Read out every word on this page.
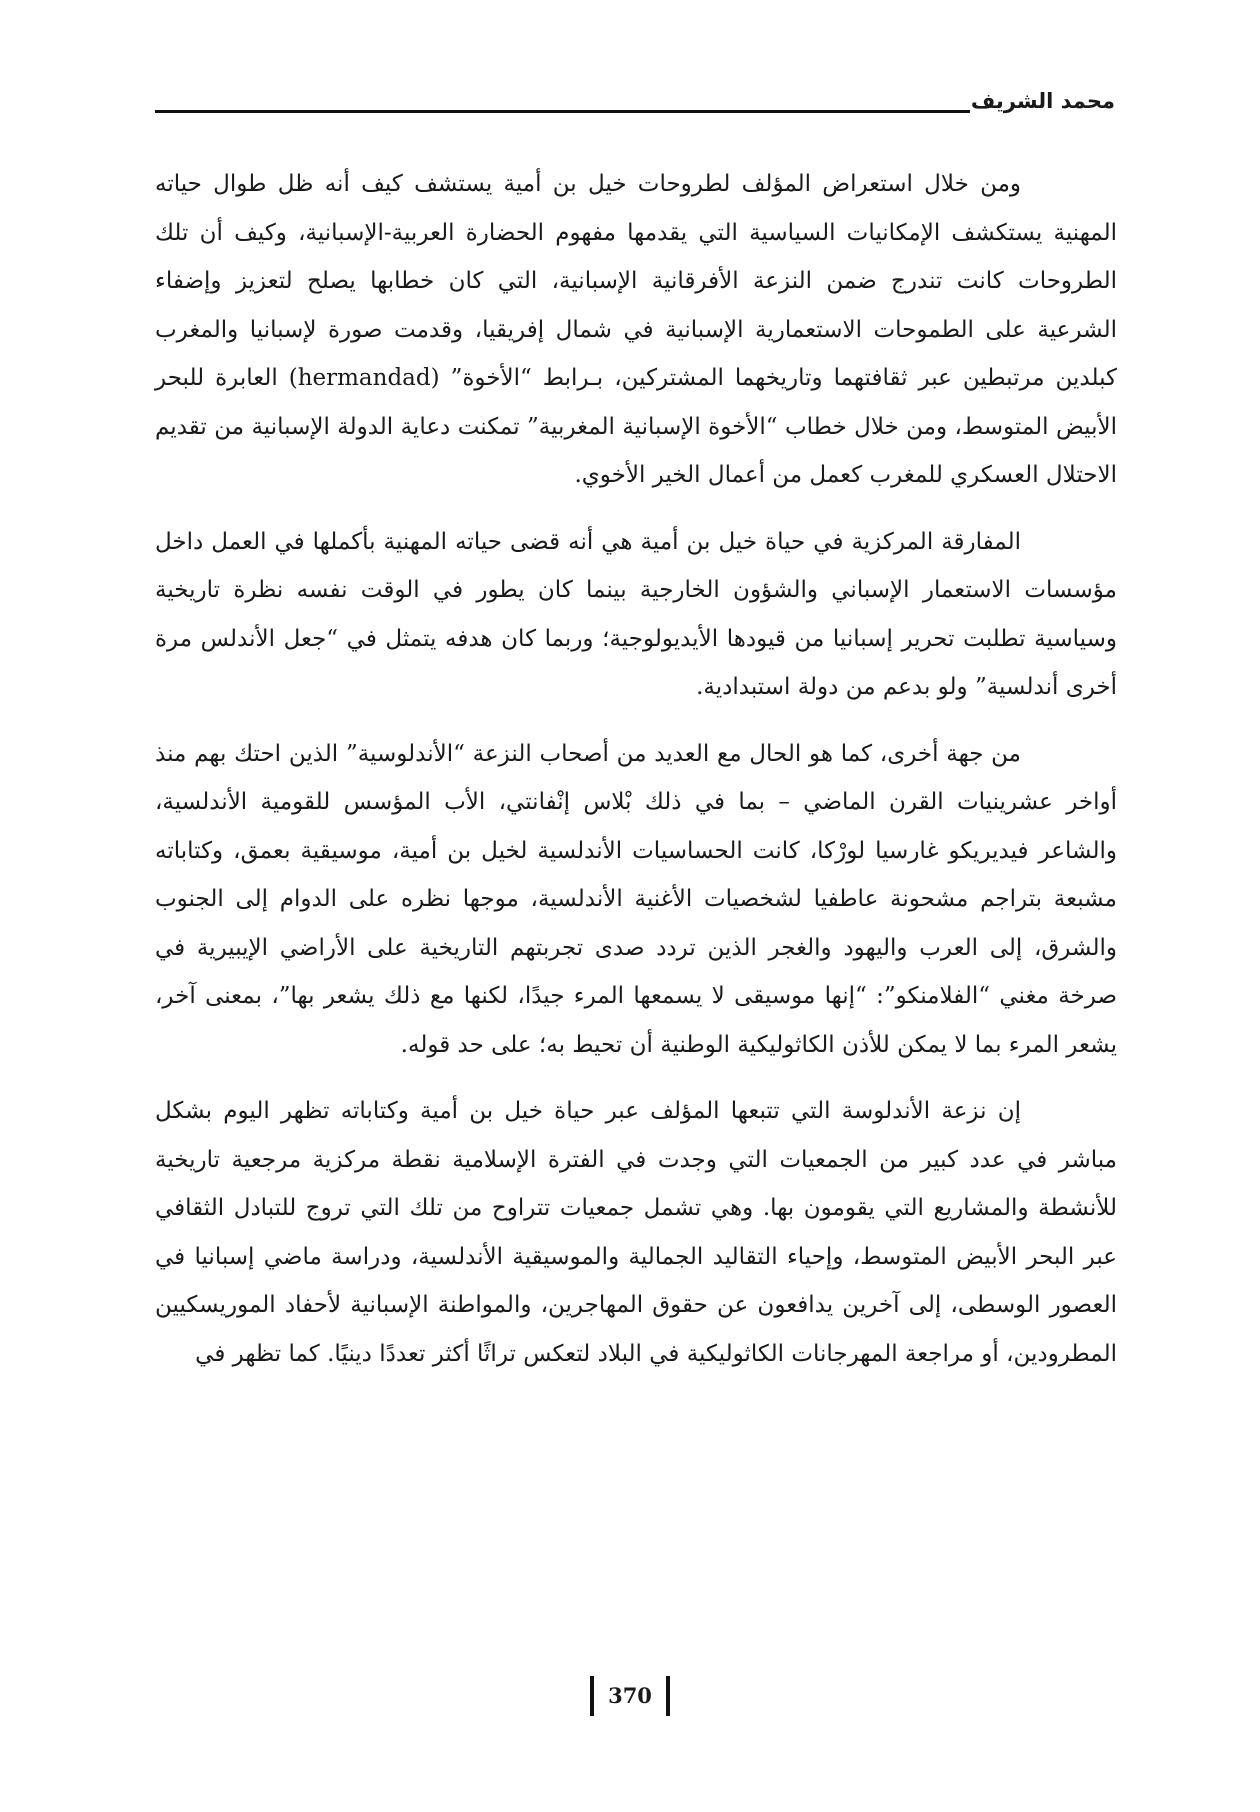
محمد الشريف

ومن خلال استعراض المؤلف لطروحات خيل بن أمية يستشف كيف أنه ظل طوال حياته المهنية يستكشف الإمكانيات السياسية التي يقدمها مفهوم الحضارة العربية-الإسبانية، وكيف أن تلك الطروحات كانت تندرج ضمن النزعة الأفرقانية الإسبانية، التي كان خطابها يصلح لتعزيز وإضفاء الشرعية على الطموحات الاستعمارية الإسبانية في شمال إفريقيا، وقدمت صورة لإسبانيا والمغرب كبلدين مرتبطين عبر ثقافتهما وتاريخهما المشتركين، بـرابط “الأخوة” (hermandad) العابرة للبحر الأبيض المتوسط، ومن خلال خطاب “الأخوة الإسبانية المغربية” تمكنت دعاية الدولة الإسبانية من تقديم الاحتلال العسكري للمغرب كعمل من أعمال الخير الأخوي.

المفارقة المركزية في حياة خيل بن أمية هي أنه قضى حياته المهنية بأكملها في العمل داخل مؤسسات الاستعمار الإسباني والشؤون الخارجية بينما كان يطور في الوقت نفسه نظرة تاريخية وسياسية تطلبت تحرير إسبانيا من قيودها الأيديولوجية؛ وربما كان هدفه يتمثل في “جعل الأندلس مرة أخرى أندلسية” ولو بدعم من دولة استبدادية.

من جهة أخرى، كما هو الحال مع العديد من أصحاب النزعة “الأندلوسية” الذين احتك بهم منذ أواخر عشرينيات القرن الماضي – بما في ذلك بْلاس إنْفانتي، الأب المؤسس للقومية الأندلسية، والشاعر فيديريكو غارسيا لورْكا، كانت الحساسيات الأندلسية لخيل بن أمية، موسيقية بعمق، وكتاباته مشبعة بتراجم مشحونة عاطفيا لشخصيات الأغنية الأندلسية، موجها نظره على الدوام إلى الجنوب والشرق، إلى العرب واليهود والغجر الذين تردد صدى تجربتهم التاريخية على الأراضي الإيبيرية في صرخة مغني “الفلامنكو”: “إنها موسيقى لا يسمعها المرء جيدًا، لكنها مع ذلك يشعر بها”، بمعنى آخر، يشعر المرء بما لا يمكن للأذن الكاثوليكية الوطنية أن تحيط به؛ على حد قوله.

إن نزعة الأندلوسة التي تتبعها المؤلف عبر حياة خيل بن أمية وكتاباته تظهر اليوم بشكل مباشر في عدد كبير من الجمعيات التي وجدت في الفترة الإسلامية نقطة مركزية مرجعية تاريخية للأنشطة والمشاريع التي يقومون بها. وهي تشمل جمعيات تتراوح من تلك التي تروج للتبادل الثقافي عبر البحر الأبيض المتوسط، وإحياء التقاليد الجمالية والموسيقية الأندلسية، ودراسة ماضي إسبانيا في العصور الوسطى، إلى آخرين يدافعون عن حقوق المهاجرين، والمواطنة الإسبانية لأحفاد الموريسكيين المطرودين، أو مراجعة المهرجانات الكاثوليكية في البلاد لتعكس تراثًا أكثر تعددًا دينيًا. كما تظهر في

370
